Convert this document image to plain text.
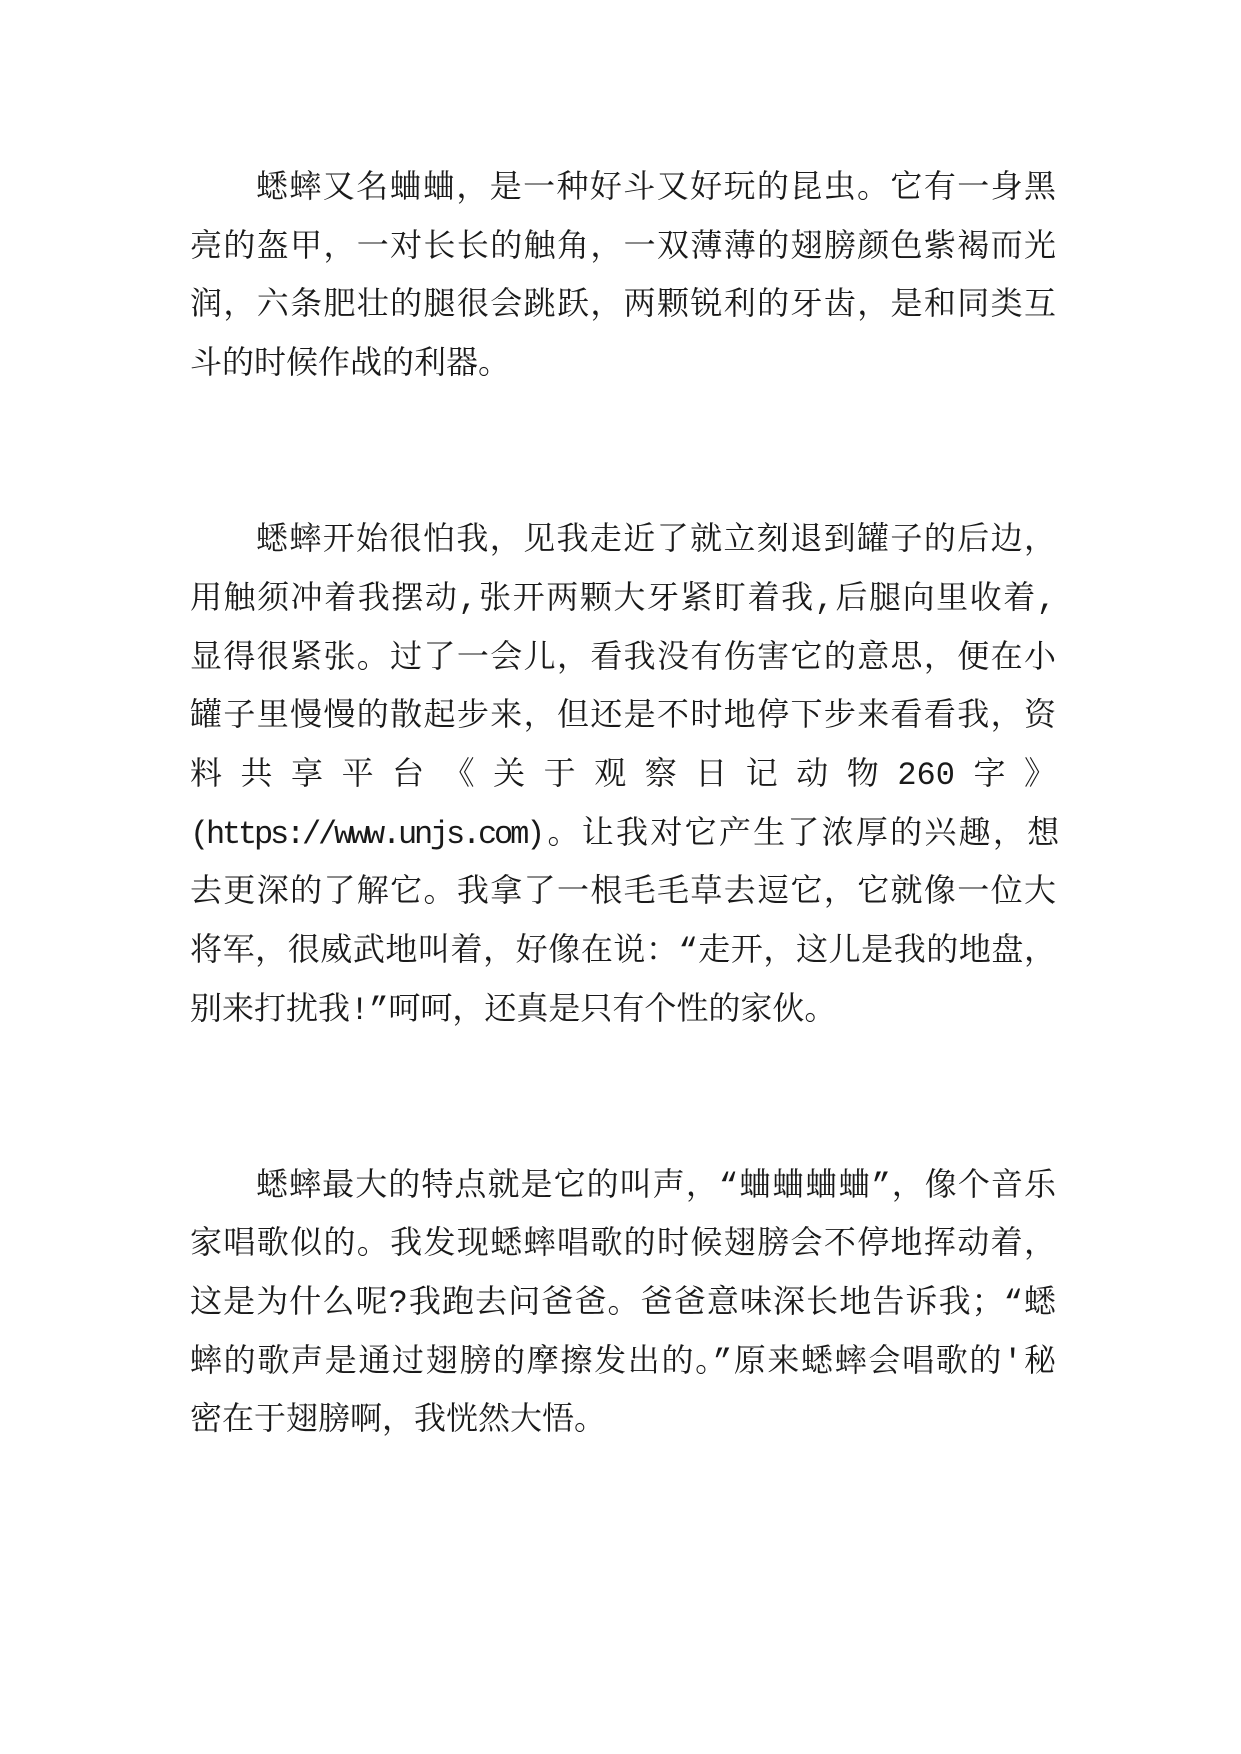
蟋蟀又名蛐蛐，是一种好斗又好玩的昆虫。它有一身黑
亮的盔甲，一对长长的触角，一双薄薄的翅膀颜色紫褐而光
润，六条肥壮的腿很会跳跃，两颗锐利的牙齿，是和同类互
斗的时候作战的利器。
蟋蟀开始很怕我，见我走近了就立刻退到罐子的后边，
用触须冲着我摆动,张开两颗大牙紧盯着我,后腿向里收着,
显得很紧张。过了一会儿，看我没有伤害它的意思，便在小
罐子里慢慢的散起步来，但还是不时地停下步来看看我，资
料共享平台《关于观察日记动物260字》
(https://www.unjs.com)。让我对它产生了浓厚的兴趣，想
去更深的了解它。我拿了一根毛毛草去逗它，它就像一位大
将军，很威武地叫着，好像在说：“走开，这儿是我的地盘，
别来打扰我!”呵呵，还真是只有个性的家伙。
蟋蟀最大的特点就是它的叫声，“蛐蛐蛐蛐”，像个音乐
家唱歌似的。我发现蟋蟀唱歌的时候翅膀会不停地挥动着，
这是为什么呢?我跑去问爸爸。爸爸意味深长地告诉我；“蟋
蟀的歌声是通过翅膀的摩擦发出的。”原来蟋蟀会唱歌的'秘
密在于翅膀啊，我恍然大悟。
